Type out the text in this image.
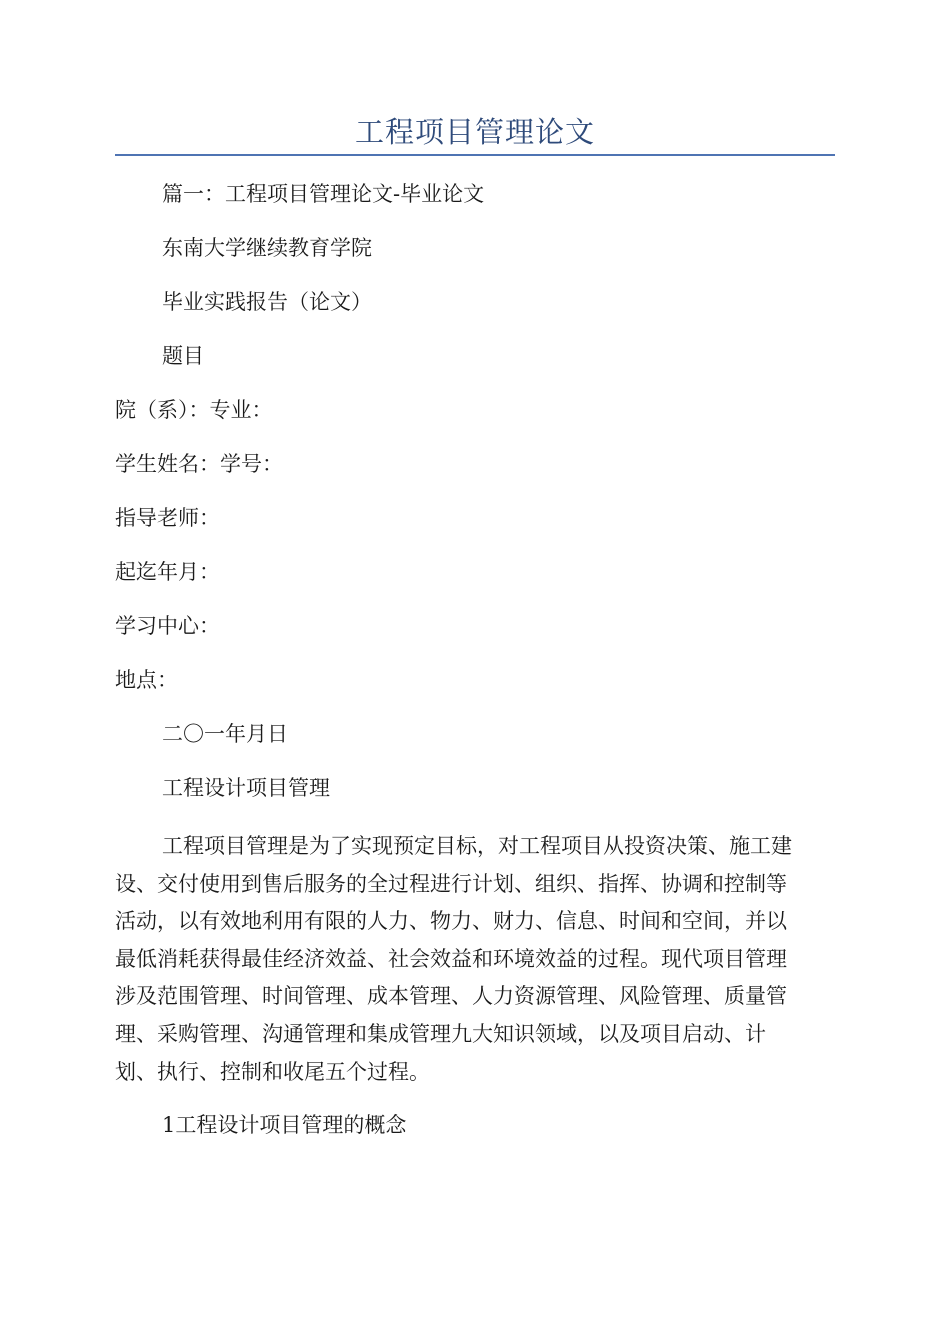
工程项目管理论文
篇一：工程项目管理论文-毕业论文
东南大学继续教育学院
毕业实践报告（论文）
题目
院（系）：专业：
学生姓名：学号：
指导老师：
起迄年月：
学习中心：
地点：
二〇一年月日
工程设计项目管理
工程项目管理是为了实现预定目标，对工程项目从投资决策、施工建
设、交付使用到售后服务的全过程进行计划、组织、指挥、协调和控制等
活动，以有效地利用有限的人力、物力、财力、信息、时间和空间，并以
最低消耗获得最佳经济效益、社会效益和环境效益的过程。现代项目管理
涉及范围管理、时间管理、成本管理、人力资源管理、风险管理、质量管
理、采购管理、沟通管理和集成管理九大知识领域，以及项目启动、计
划、执行、控制和收尾五个过程。
1工程设计项目管理的概念
